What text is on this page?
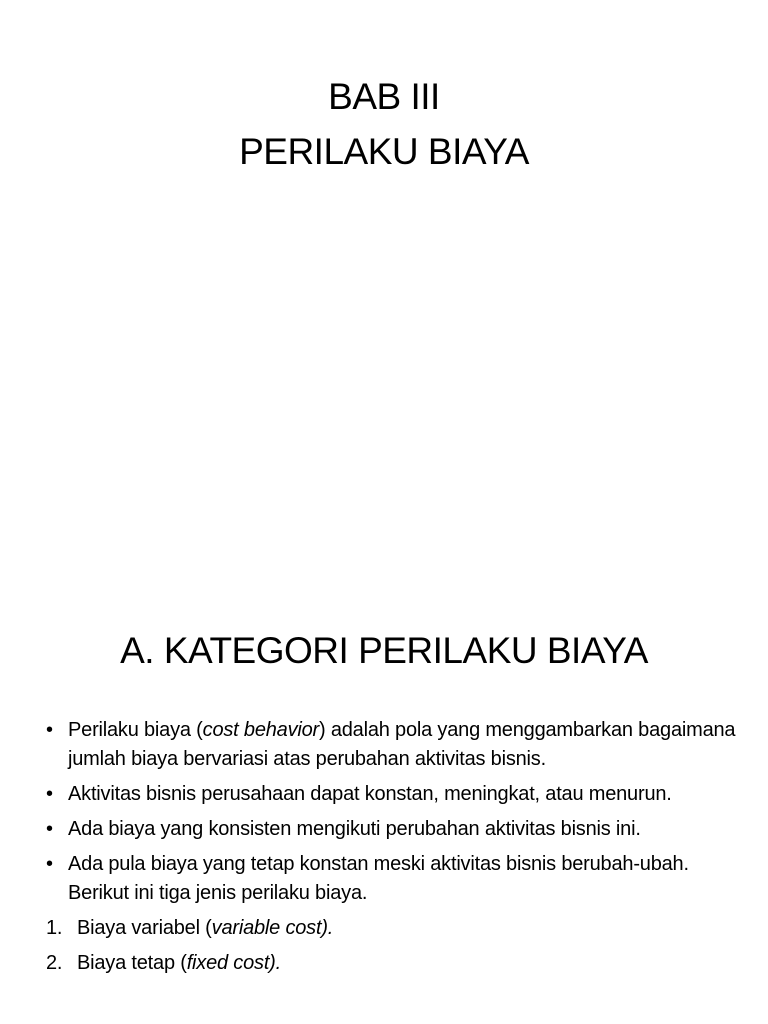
BAB III
PERILAKU BIAYA
A. KATEGORI PERILAKU BIAYA
• Perilaku biaya (cost behavior) adalah pola yang menggambarkan bagaimana jumlah biaya bervariasi atas perubahan aktivitas bisnis.
• Aktivitas bisnis perusahaan dapat konstan, meningkat, atau menurun.
• Ada biaya yang konsisten mengikuti perubahan aktivitas bisnis ini.
• Ada pula biaya yang tetap konstan meski aktivitas bisnis berubah-ubah. Berikut ini tiga jenis perilaku biaya.
1. Biaya variabel (variable cost).
2. Biaya tetap (fixed cost).
